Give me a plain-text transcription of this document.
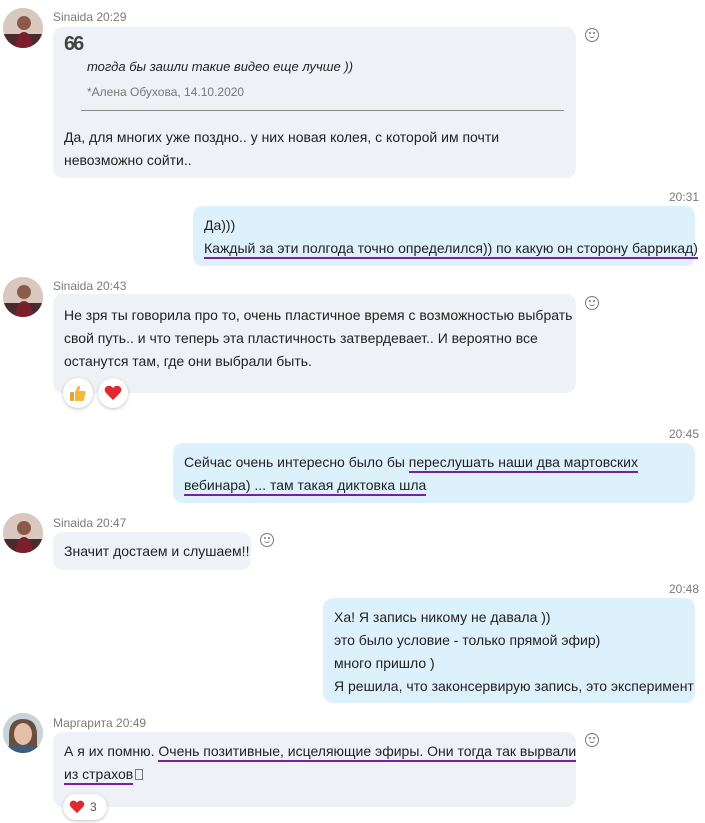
Sinaida 20:29
66
тогда бы зашли такие видео еще лучше ))
*Алена Обухова, 14.10.2020
Да, для многих уже поздно.. у них новая колея, с которой им почти
невозможно сойти..
20:31
Да)))
Каждый за эти полгода точно определился)) по какую он сторону баррикад)
Sinaida 20:43
Не зря ты говорила про то, очень пластичное время с возможностью выбрать
свой путь.. и что теперь эта пластичность затвердевает.. И вероятно все
останутся там, где они выбрали быть.
20:45
Сейчас очень интересно было бы переслушать наши два мартовских
вебинара) ... там такая диктовка шла
Sinaida 20:47
Значит достаем и слушаем!!
20:48
Ха! Я запись никому не давала ))
это было условие - только прямой эфир)
много пришло )
Я решила, что законсервирую запись, это эксперимент
Маргарита 20:49
А я их помню. Очень позитивные, исцеляющие эфиры. Они тогда так вырвали
из страхов
3
